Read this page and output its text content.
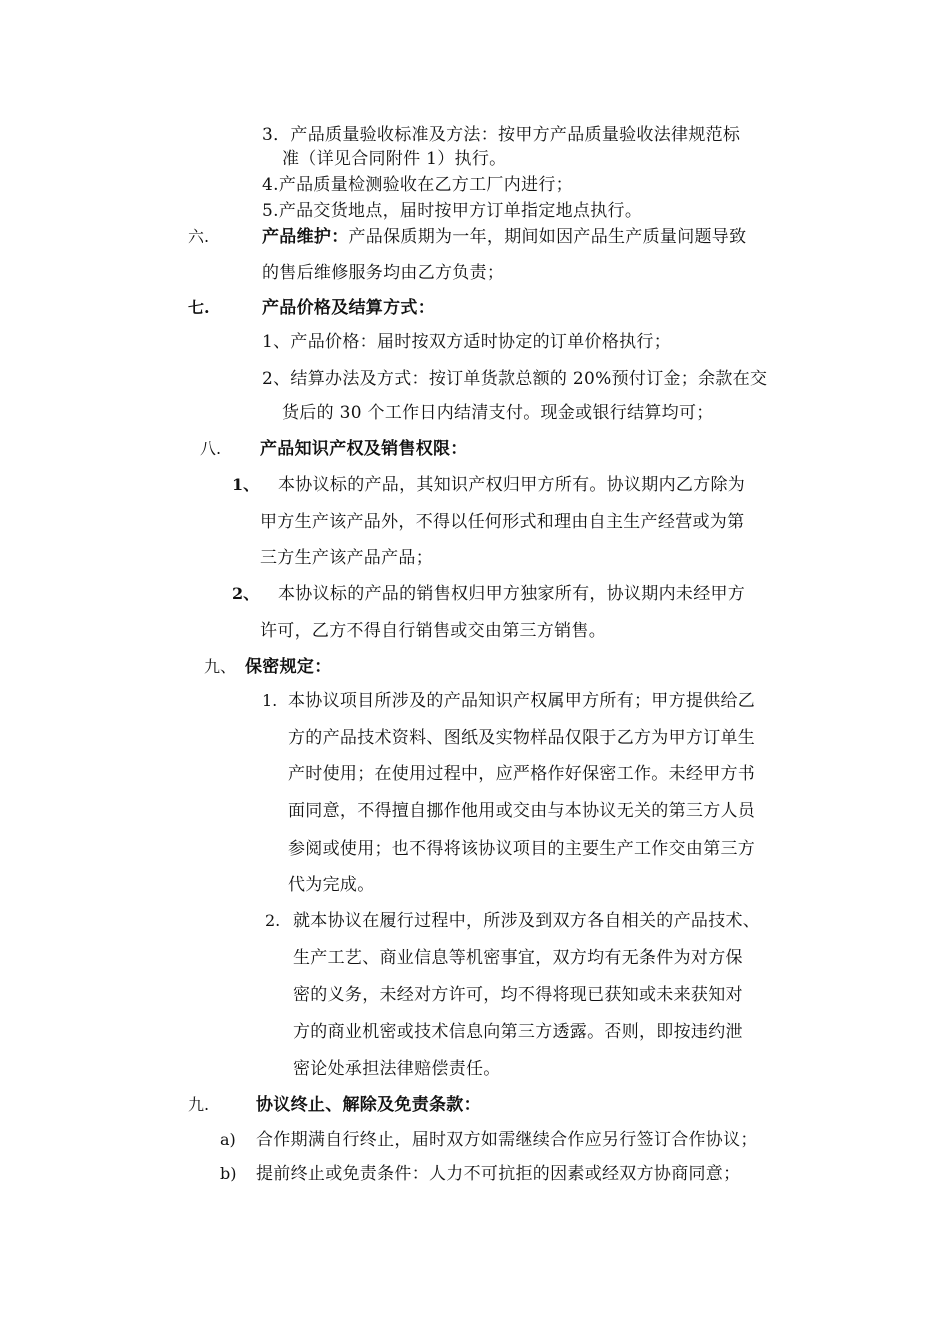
3．产品质量验收标准及方法：按甲方产品质量验收法律规范标
准（详见合同附件 1）执行。
4.产品质量检测验收在乙方工厂内进行；
5.产品交货地点，届时按甲方订单指定地点执行。
六.	产品维护：产品保质期为一年，期间如因产品生产质量问题导致
的售后维修服务均由乙方负责；
七.	产品价格及结算方式：
1、产品价格：届时按双方适时协定的订单价格执行；
2、结算办法及方式：按订单货款总额的 20%预付订金；余款在交
货后的 30 个工作日内结清支付。现金或银行结算均可；
八. 产品知识产权及销售权限：
1、 本协议标的产品，其知识产权归甲方所有。协议期内乙方除为
甲方生产该产品外，不得以任何形式和理由自主生产经营或为第
三方生产该产品产品；
2、 本协议标的产品的销售权归甲方独家所有，协议期内未经甲方
许可，乙方不得自行销售或交由第三方销售。
九、 保密规定：
1. 本协议项目所涉及的产品知识产权属甲方所有；甲方提供给乙
方的产品技术资料、图纸及实物样品仅限于乙方为甲方订单生
产时使用；在使用过程中，应严格作好保密工作。未经甲方书
面同意，不得擅自挪作他用或交由与本协议无关的第三方人员
参阅或使用；也不得将该协议项目的主要生产工作交由第三方
代为完成。
2. 就本协议在履行过程中，所涉及到双方各自相关的产品技术、
生产工艺、商业信息等机密事宜，双方均有无条件为对方保
密的义务，未经对方许可，均不得将现已获知或未来获知对
方的商业机密或技术信息向第三方透露。否则，即按违约泄
密论处承担法律赔偿责任。
九.	协议终止、解除及免责条款：
a) 合作期满自行终止，届时双方如需继续合作应另行签订合作协议；
b) 提前终止或免责条件：人力不可抗拒的因素或经双方协商同意；
